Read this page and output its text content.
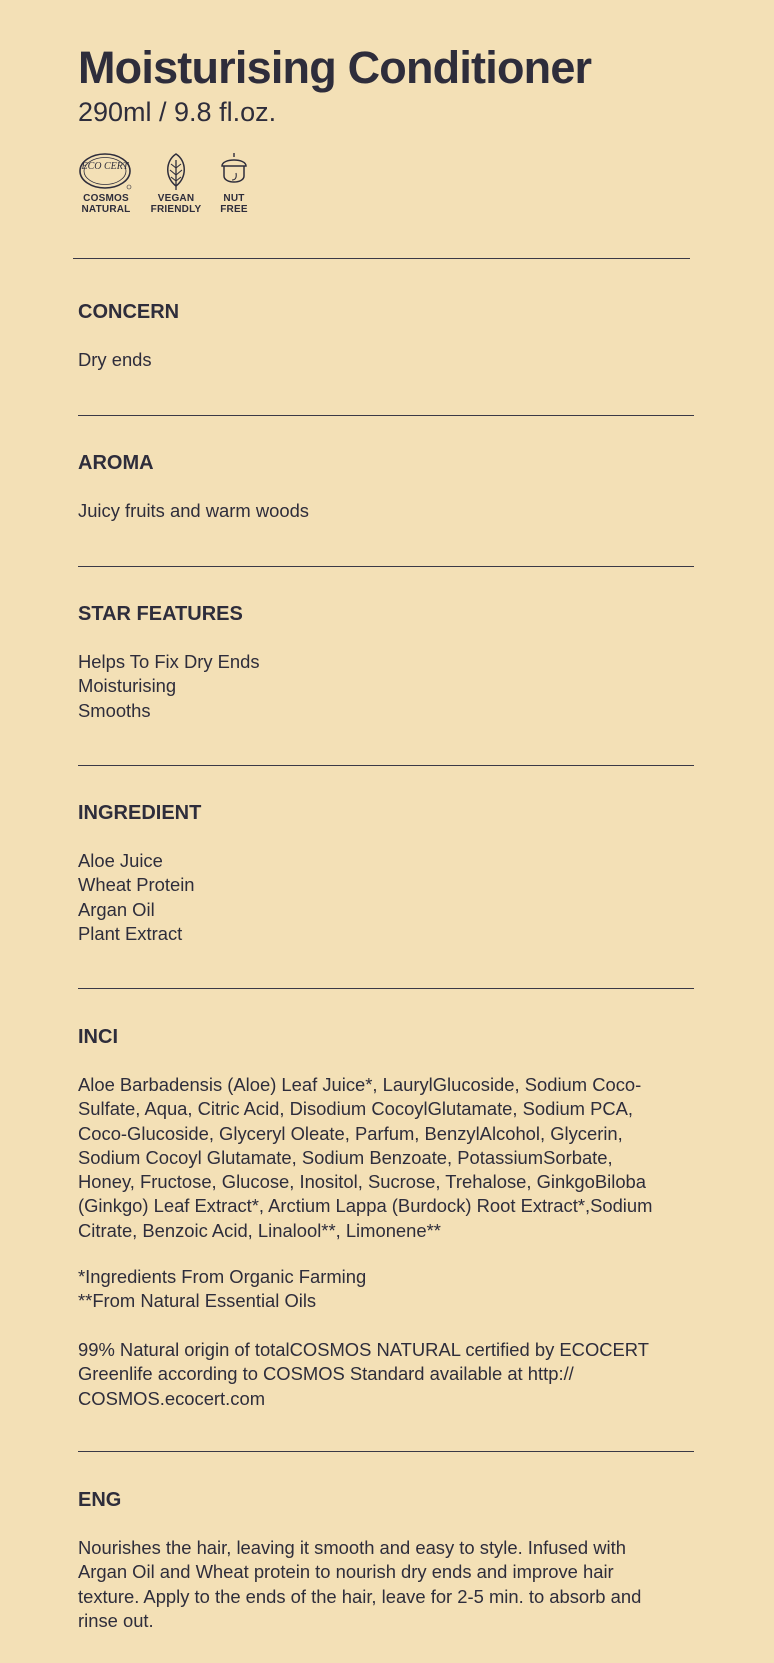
Moisturising Conditioner
290ml / 9.8 fl.oz.
ECO CERT
COSMOS
NATURAL
VEGAN
FRIENDLY
NUT
FREE
CONCERN
Dry ends
AROMA
Juicy fruits and warm woods
STAR FEATURES
Helps To Fix Dry Ends
Moisturising
Smooths
INGREDIENT
Aloe Juice
Wheat Protein
Argan Oil
Plant Extract
INCI
Aloe Barbadensis (Aloe) Leaf Juice*, LaurylGlucoside, Sodium Coco-
Sulfate, Aqua, Citric Acid, Disodium CocoylGlutamate, Sodium PCA,
Coco-Glucoside, Glyceryl Oleate, Parfum, BenzylAlcohol, Glycerin,
Sodium Cocoyl Glutamate, Sodium Benzoate, PotassiumSorbate,
Honey, Fructose, Glucose, Inositol, Sucrose, Trehalose, GinkgoBiloba
(Ginkgo) Leaf Extract*, Arctium Lappa (Burdock) Root Extract*,Sodium
Citrate, Benzoic Acid, Linalool**, Limonene**
*Ingredients From Organic Farming
**From Natural Essential Oils
99% Natural origin of totalCOSMOS NATURAL certified by ECOCERT
Greenlife according to COSMOS Standard available at http://
COSMOS.ecocert.com
ENG
Nourishes the hair, leaving it smooth and easy to style. Infused with
Argan Oil and Wheat protein to nourish dry ends and improve hair
texture. Apply to the ends of the hair, leave for 2-5 min. to absorb and
rinse out.
